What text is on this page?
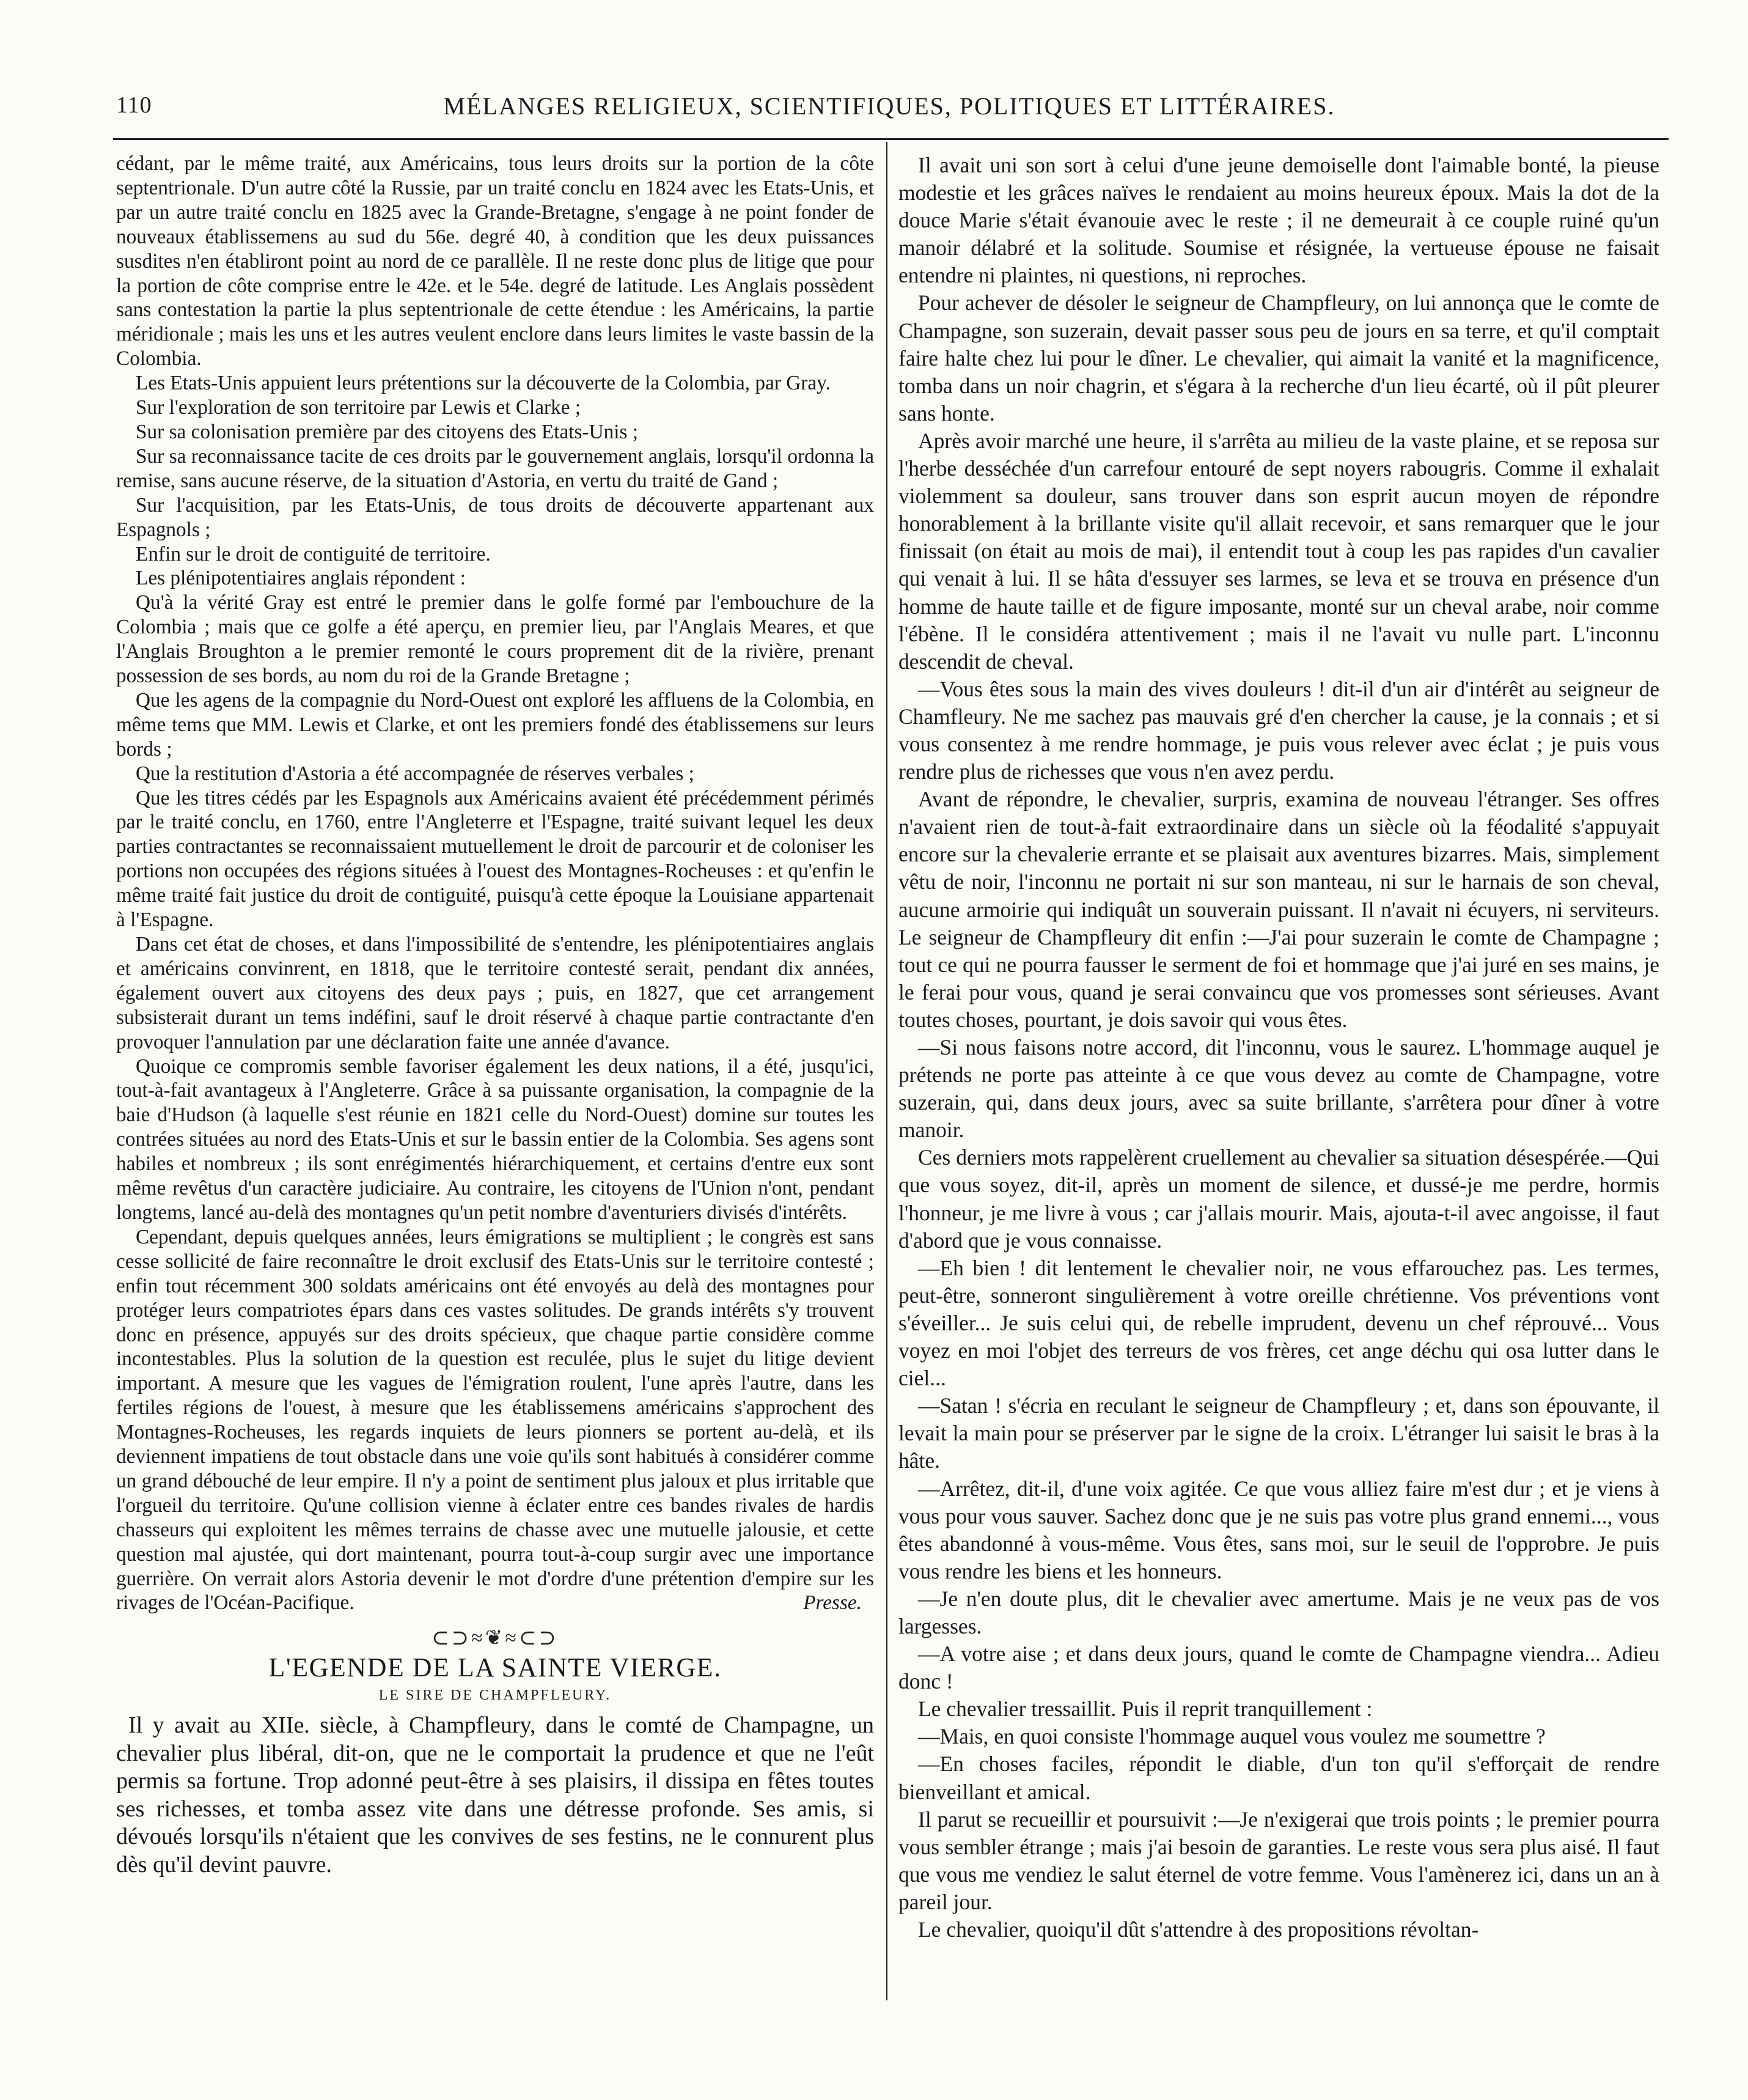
110	MÉLANGES RELIGIEUX, SCIENTIFIQUES, POLITIQUES ET LITTÉRAIRES.

cédant, par le même traité, aux Américains, tous leurs droits sur la portion de la côte septentrionale. D'un autre côté la Russie, par un traité conclu en 1824 avec les Etats-Unis, et par un autre traité conclu en 1825 avec la Grande-Bretagne, s'engage à ne point fonder de nouveaux établissemens au sud du 56e. degré 40, à condition que les deux puissances susdites n'en établiront point au nord de ce parallèle. Il ne reste donc plus de litige que pour la portion de côte comprise entre le 42e. et le 54e. degré de latitude. Les Anglais possèdent sans contestation la partie la plus septentrionale de cette étendue : les Américains, la partie méridionale ; mais les uns et les autres veulent enclore dans leurs limites le vaste bassin de la Colombia.

Les Etats-Unis appuient leurs prétentions sur la découverte de la Colombia, par Gray.

Sur l'exploration de son territoire par Lewis et Clarke ;

Sur sa colonisation première par des citoyens des Etats-Unis ;

Sur sa reconnaissance tacite de ces droits par le gouvernement anglais, lorsqu'il ordonna la remise, sans aucune réserve, de la situation d'Astoria, en vertu du traité de Gand ;

Sur l'acquisition, par les Etats-Unis, de tous droits de découverte appartenant aux Espagnols ;

Enfin sur le droit de contiguité de territoire.

Les plénipotentiaires anglais répondent :

Qu'à la vérité Gray est entré le premier dans le golfe formé par l'embouchure de la Colombia ; mais que ce golfe a été aperçu, en premier lieu, par l'Anglais Meares, et que l'Anglais Broughton a le premier remonté le cours proprement dit de la rivière, prenant possession de ses bords, au nom du roi de la Grande Bretagne ;

Que les agens de la compagnie du Nord-Ouest ont exploré les affluens de la Colombia, en même tems que MM. Lewis et Clarke, et ont les premiers fondé des établissemens sur leurs bords ;

Que la restitution d'Astoria a été accompagnée de réserves verbales ;

Que les titres cédés par les Espagnols aux Américains avaient été précédemment périmés par le traité conclu, en 1760, entre l'Angleterre et l'Espagne, traité suivant lequel les deux parties contractantes se reconnaissaient mutuellement le droit de parcourir et de coloniser les portions non occupées des régions situées à l'ouest des Montagnes-Rocheuses : et qu'enfin le même traité fait justice du droit de contiguité, puisqu'à cette époque la Louisiane appartenait à l'Espagne.

Dans cet état de choses, et dans l'impossibilité de s'entendre, les plénipotentiaires anglais et américains convinrent, en 1818, que le territoire contesté serait, pendant dix années, également ouvert aux citoyens des deux pays ; puis, en 1827, que cet arrangement subsisterait durant un tems indéfini, sauf le droit réservé à chaque partie contractante d'en provoquer l'annulation par une déclaration faite une année d'avance.

Quoique ce compromis semble favoriser également les deux nations, il a été, jusqu'ici, tout-à-fait avantageux à l'Angleterre. Grâce à sa puissante organisation, la compagnie de la baie d'Hudson (à laquelle s'est réunie en 1821 celle du Nord-Ouest) domine sur toutes les contrées situées au nord des Etats-Unis et sur le bassin entier de la Colombia. Ses agens sont habiles et nombreux ; ils sont enrégimentés hiérarchiquement, et certains d'entre eux sont même revêtus d'un caractère judiciaire. Au contraire, les citoyens de l'Union n'ont, pendant longtems, lancé au-delà des montagnes qu'un petit nombre d'aventuriers divisés d'intérêts.

Cependant, depuis quelques années, leurs émigrations se multiplient ; le congrès est sans cesse sollicité de faire reconnaître le droit exclusif des Etats-Unis sur le territoire contesté ; enfin tout récemment 300 soldats américains ont été envoyés au delà des montagnes pour protéger leurs compatriotes épars dans ces vastes solitudes. De grands intérêts s'y trouvent donc en présence, appuyés sur des droits spécieux, que chaque partie considère comme incontestables. Plus la solution de la question est reculée, plus le sujet du litige devient important. A mesure que les vagues de l'émigration roulent, l'une après l'autre, dans les fertiles régions de l'ouest, à mesure que les établissemens américains s'approchent des Montagnes-Rocheuses, les regards inquiets de leurs pionners se portent au-delà, et ils deviennent impatiens de tout obstacle dans une voie qu'ils sont habitués à considérer comme un grand débouché de leur empire. Il n'y a point de sentiment plus jaloux et plus irritable que l'orgueil du territoire. Qu'une collision vienne à éclater entre ces bandes rivales de hardis chasseurs qui exploitent les mêmes terrains de chasse avec une mutuelle jalousie, et cette question mal ajustée, qui dort maintenant, pourra tout-à-coup surgir avec une importance guerrière. On verrait alors Astoria devenir le mot d'ordre d'une prétention d'empire sur les rivages de l'Océan-Pacifique.	Presse.
⊂⊃≈❦≈⊂⊃
L'EGENDE DE LA SAINTE VIERGE.
LE SIRE DE CHAMPFLEURY.

Il y avait au XIIe. siècle, à Champfleury, dans le comté de Champagne, un chevalier plus libéral, dit-on, que ne le comportait la prudence et que ne l'eût permis sa fortune. Trop adonné peut-être à ses plaisirs, il dissipa en fêtes toutes ses richesses, et tomba assez vite dans une détresse profonde. Ses amis, si dévoués lorsqu'ils n'étaient que les convives de ses festins, ne le connurent plus dès qu'il devint pauvre.

Il avait uni son sort à celui d'une jeune demoiselle dont l'aimable bonté, la pieuse modestie et les grâces naïves le rendaient au moins heureux époux. Mais la dot de la douce Marie s'était évanouie avec le reste ; il ne demeurait à ce couple ruiné qu'un manoir délabré et la solitude. Soumise et résignée, la vertueuse épouse ne faisait entendre ni plaintes, ni questions, ni reproches.

Pour achever de désoler le seigneur de Champfleury, on lui annonça que le comte de Champagne, son suzerain, devait passer sous peu de jours en sa terre, et qu'il comptait faire halte chez lui pour le dîner. Le chevalier, qui aimait la vanité et la magnificence, tomba dans un noir chagrin, et s'égara à la recherche d'un lieu écarté, où il pût pleurer sans honte.

Après avoir marché une heure, il s'arrêta au milieu de la vaste plaine, et se reposa sur l'herbe desséchée d'un carrefour entouré de sept noyers rabougris. Comme il exhalait violemment sa douleur, sans trouver dans son esprit aucun moyen de répondre honorablement à la brillante visite qu'il allait recevoir, et sans remarquer que le jour finissait (on était au mois de mai), il entendit tout à coup les pas rapides d'un cavalier qui venait à lui. Il se hâta d'essuyer ses larmes, se leva et se trouva en présence d'un homme de haute taille et de figure imposante, monté sur un cheval arabe, noir comme l'ébène. Il le considéra attentivement ; mais il ne l'avait vu nulle part. L'inconnu descendit de cheval.

—Vous êtes sous la main des vives douleurs ! dit-il d'un air d'intérêt au seigneur de Chamfleury. Ne me sachez pas mauvais gré d'en chercher la cause, je la connais ; et si vous consentez à me rendre hommage, je puis vous relever avec éclat ; je puis vous rendre plus de richesses que vous n'en avez perdu.

Avant de répondre, le chevalier, surpris, examina de nouveau l'étranger. Ses offres n'avaient rien de tout-à-fait extraordinaire dans un siècle où la féodalité s'appuyait encore sur la chevalerie errante et se plaisait aux aventures bizarres. Mais, simplement vêtu de noir, l'inconnu ne portait ni sur son manteau, ni sur le harnais de son cheval, aucune armoirie qui indiquât un souverain puissant. Il n'avait ni écuyers, ni serviteurs. Le seigneur de Champfleury dit enfin :—J'ai pour suzerain le comte de Champagne ; tout ce qui ne pourra fausser le serment de foi et hommage que j'ai juré en ses mains, je le ferai pour vous, quand je serai convaincu que vos promesses sont sérieuses. Avant toutes choses, pourtant, je dois savoir qui vous êtes.

—Si nous faisons notre accord, dit l'inconnu, vous le saurez. L'hommage auquel je prétends ne porte pas atteinte à ce que vous devez au comte de Champagne, votre suzerain, qui, dans deux jours, avec sa suite brillante, s'arrêtera pour dîner à votre manoir.

Ces derniers mots rappelèrent cruellement au chevalier sa situation désespérée.—Qui que vous soyez, dit-il, après un moment de silence, et dussé-je me perdre, hormis l'honneur, je me livre à vous ; car j'allais mourir. Mais, ajouta-t-il avec angoisse, il faut d'abord que je vous connaisse.

—Eh bien ! dit lentement le chevalier noir, ne vous effarouchez pas. Les termes, peut-être, sonneront singulièrement à votre oreille chrétienne. Vos préventions vont s'éveiller... Je suis celui qui, de rebelle imprudent, devenu un chef réprouvé... Vous voyez en moi l'objet des terreurs de vos frères, cet ange déchu qui osa lutter dans le ciel...

—Satan ! s'écria en reculant le seigneur de Champfleury ; et, dans son épouvante, il levait la main pour se préserver par le signe de la croix. L'étranger lui saisit le bras à la hâte.

—Arrêtez, dit-il, d'une voix agitée. Ce que vous alliez faire m'est dur ; et je viens à vous pour vous sauver. Sachez donc que je ne suis pas votre plus grand ennemi..., vous êtes abandonné à vous-même. Vous êtes, sans moi, sur le seuil de l'opprobre. Je puis vous rendre les biens et les honneurs.

—Je n'en doute plus, dit le chevalier avec amertume. Mais je ne veux pas de vos largesses.

—A votre aise ; et dans deux jours, quand le comte de Champagne viendra... Adieu donc !

Le chevalier tressaillit. Puis il reprit tranquillement :

—Mais, en quoi consiste l'hommage auquel vous voulez me soumettre ?

—En choses faciles, répondit le diable, d'un ton qu'il s'efforçait de rendre bienveillant et amical.

Il parut se recueillir et poursuivit :—Je n'exigerai que trois points ; le premier pourra vous sembler étrange ; mais j'ai besoin de garanties. Le reste vous sera plus aisé. Il faut que vous me vendiez le salut éternel de votre femme. Vous l'amènerez ici, dans un an à pareil jour.

Le chevalier, quoiqu'il dût s'attendre à des propositions révoltan-
